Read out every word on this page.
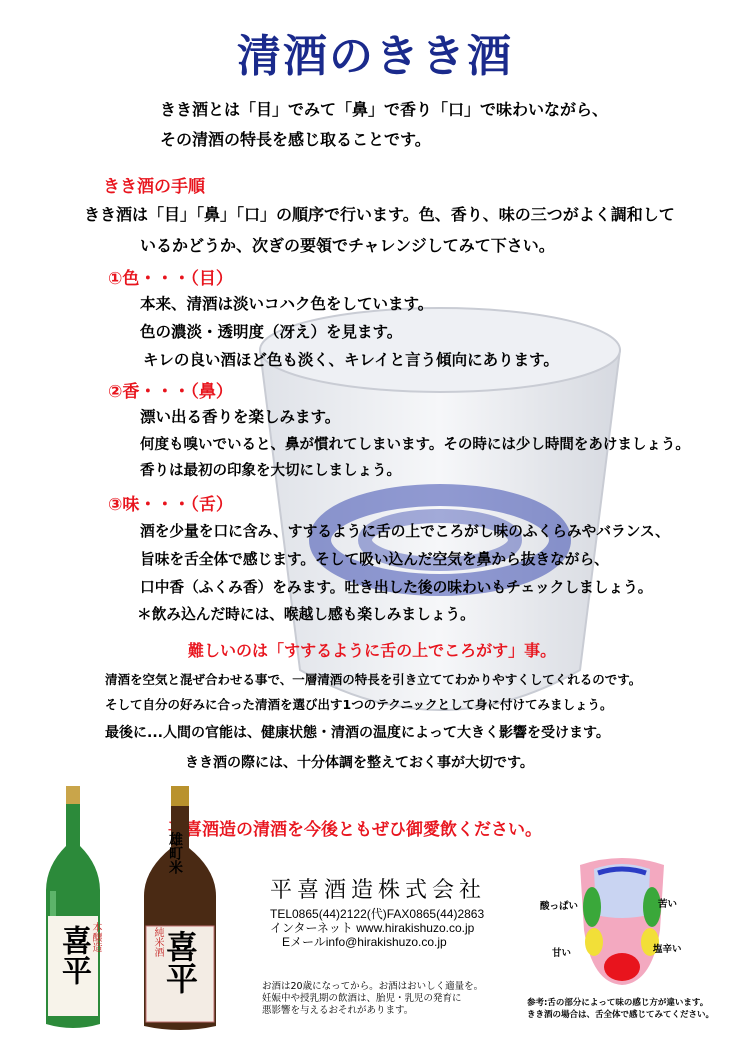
清酒のきき酒
きき酒とは「目」でみて「鼻」で香り「口」で味わいながら、
その清酒の特長を感じ取ることです。
きき酒の手順
きき酒は「目」「鼻」「口」の順序で行います。色、香り、味の三つがよく調和して
いるかどうか、次ぎの要領でチャレンジしてみて下さい。
①色・・・（目）
本来、清酒は淡いコハク色をしています。
色の濃淡・透明度（冴え）を見ます。
キレの良い酒ほど色も淡く、キレイと言う傾向にあります。
②香・・・（鼻）
漂い出る香りを楽しみます。
何度も嗅いでいると、鼻が慣れてしまいます。その時には少し時間をあけましょう。
香りは最初の印象を大切にしましょう。
③味・・・（舌）
酒を少量を口に含み、すするように舌の上でころがし味のふくらみやバランス、
旨味を舌全体で感じます。そして吸い込んだ空気を鼻から抜きながら、
口中香（ふくみ香）をみます。吐き出した後の味わいもチェックしましょう。
＊飲み込んだ時には、喉越し感も楽しみましょう。
難しいのは「すするように舌の上でころがす」事。
清酒を空気と混ぜ合わせる事で、一層清酒の特長を引き立ててわかりやすくしてくれるのです。
そして自分の好みに合った清酒を選び出す1つのテクニックとして身に付けてみましょう。
最後に...人間の官能は、健康状態・清酒の温度によって大きく影響を受けます。
きき酒の際には、十分体調を整えておく事が大切です。
平喜酒造の清酒を今後ともぜひ御愛飲ください。
喜平 本醸造
雄町米
喜平
純米酒
平喜酒造株式会社
TEL0865(44)2122(代)FAX0865(44)2863
インターネット www.hirakishuzo.co.jp
Eメールinfo@hirakishuzo.co.jp
お酒は20歳になってから。お酒はおいしく適量を。
妊娠中や授乳期の飲酒は、胎児・乳児の発育に
悪影響を与えるおそれがあります。
酸っぱい	苦い
甘い	塩辛い
参考:舌の部分によって味の感じ方が違います。
きき酒の場合は、舌全体で感じてみてください。
